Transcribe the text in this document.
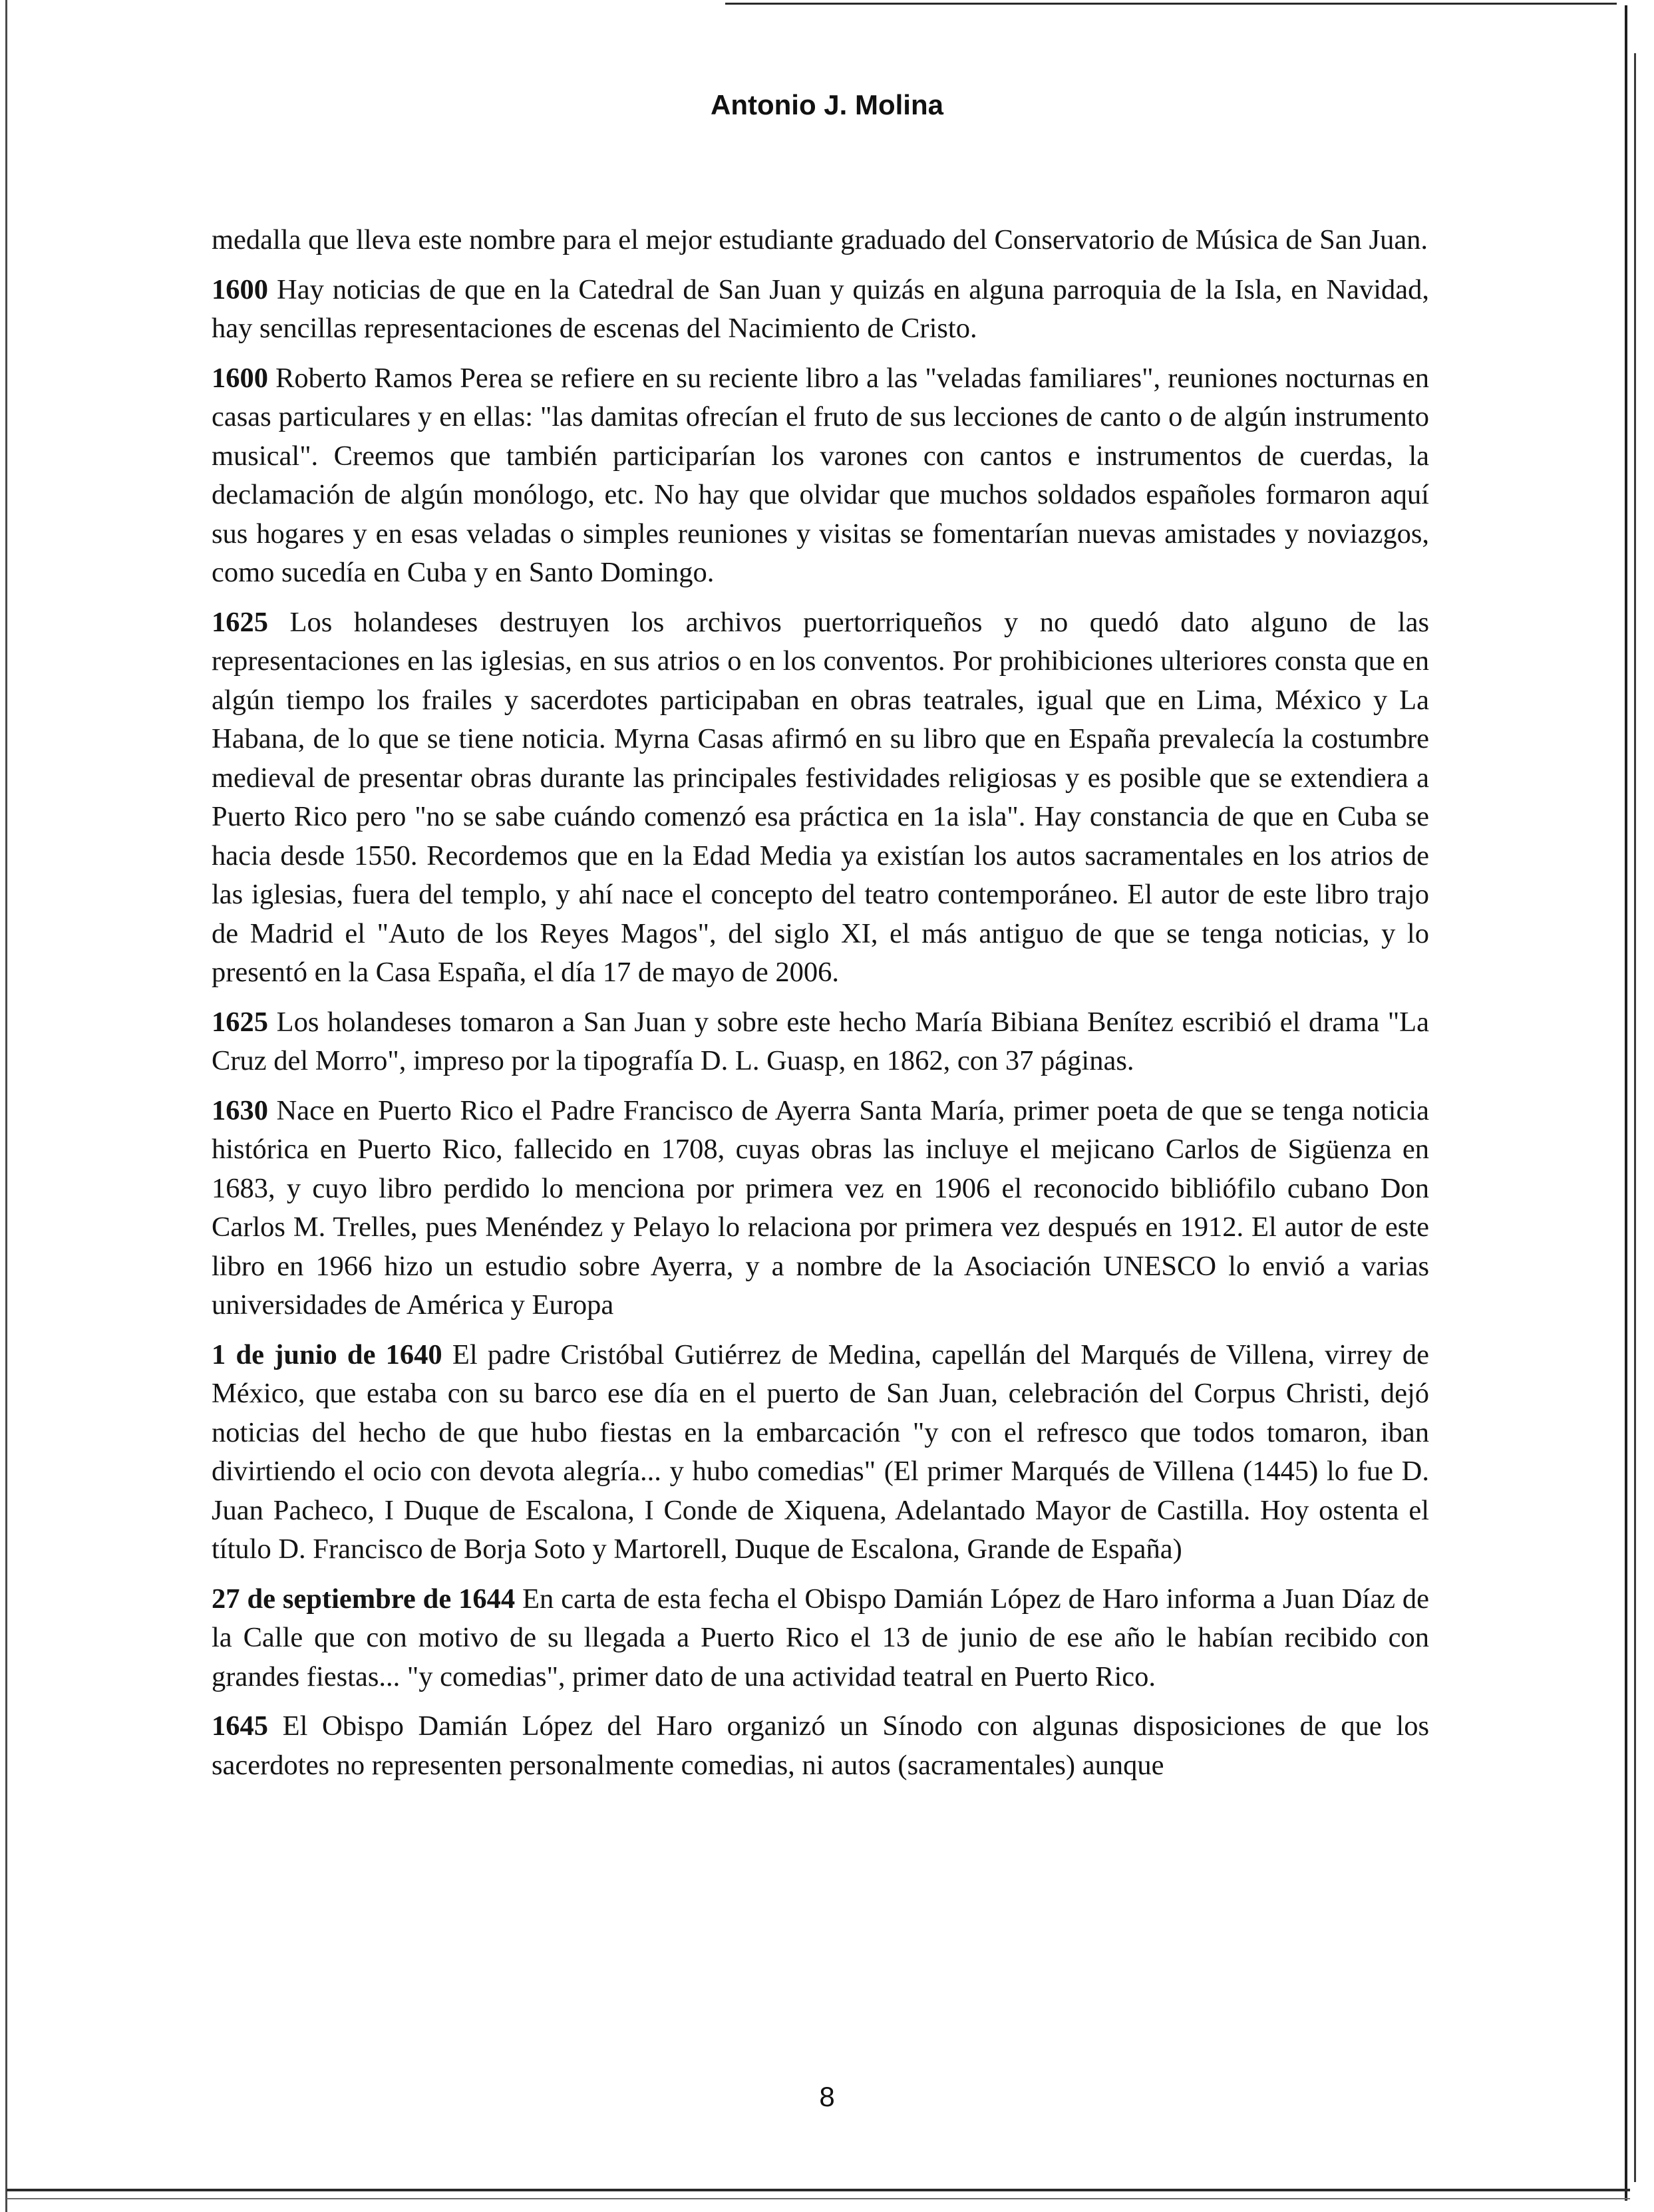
Antonio J. Molina

medalla que lleva este nombre para el mejor estudiante graduado del Conservatorio de Música de San Juan.

1600 Hay noticias de que en la Catedral de San Juan y quizás en alguna parroquia de la Isla, en Navidad, hay sencillas representaciones de escenas del Nacimiento de Cristo.

1600 Roberto Ramos Perea se refiere en su reciente libro a las "veladas familiares", reuniones nocturnas en casas particulares y en ellas: "las damitas ofrecían el fruto de sus lecciones de canto o de algún instrumento musical". Creemos que también participarían los varones con cantos e instrumentos de cuerdas, la declamación de algún monólogo, etc. No hay que olvidar que muchos soldados españoles formaron aquí sus hogares y en esas veladas o simples reuniones y visitas se fomentarían nuevas amistades y noviazgos, como sucedía en Cuba y en Santo Domingo.

1625 Los holandeses destruyen los archivos puertorriqueños y no quedó dato alguno de las representaciones en las iglesias, en sus atrios o en los conventos. Por prohibiciones ulteriores consta que en algún tiempo los frailes y sacerdotes participaban en obras teatrales, igual que en Lima, México y La Habana, de lo que se tiene noticia. Myrna Casas afirmó en su libro que en España prevalecía la costumbre medieval de presentar obras durante las principales festividades religiosas y es posible que se extendiera a Puerto Rico pero "no se sabe cuándo comenzó esa práctica en 1a isla". Hay constancia de que en Cuba se hacia desde 1550. Recordemos que en la Edad Media ya existían los autos sacramentales en los atrios de las iglesias, fuera del templo, y ahí nace el concepto del teatro contemporáneo. El autor de este libro trajo de Madrid el "Auto de los Reyes Magos", del siglo XI, el más antiguo de que se tenga noticias, y lo presentó en la Casa España, el día 17 de mayo de 2006.

1625 Los holandeses tomaron a San Juan y sobre este hecho María Bibiana Benítez escribió el drama "La Cruz del Morro", impreso por la tipografía D. L. Guasp, en 1862, con 37 páginas.

1630 Nace en Puerto Rico el Padre Francisco de Ayerra Santa María, primer poeta de que se tenga noticia histórica en Puerto Rico, fallecido en 1708, cuyas obras las incluye el mejicano Carlos de Sigüenza en 1683, y cuyo libro perdido lo menciona por primera vez en 1906 el reconocido bibliófilo cubano Don Carlos M. Trelles, pues Menéndez y Pelayo lo relaciona por primera vez después en 1912. El autor de este libro en 1966 hizo un estudio sobre Ayerra, y a nombre de la Asociación UNESCO lo envió a varias universidades de América y Europa

1 de junio de 1640 El padre Cristóbal Gutiérrez de Medina, capellán del Marqués de Villena, virrey de México, que estaba con su barco ese día en el puerto de San Juan, celebración del Corpus Christi, dejó noticias del hecho de que hubo fiestas en la embarcación "y con el refresco que todos tomaron, iban divirtiendo el ocio con devota alegría... y hubo comedias" (El primer Marqués de Villena (1445) lo fue D. Juan Pacheco, I Duque de Escalona, I Conde de Xiquena, Adelantado Mayor de Castilla. Hoy ostenta el título D. Francisco de Borja Soto y Martorell, Duque de Escalona, Grande de España)

27 de septiembre de 1644 En carta de esta fecha el Obispo Damián López de Haro informa a Juan Díaz de la Calle que con motivo de su llegada a Puerto Rico el 13 de junio de ese año le habían recibido con grandes fiestas... "y comedias", primer dato de una actividad teatral en Puerto Rico.

1645 El Obispo Damián López del Haro organizó un Sínodo con algunas disposiciones de que los sacerdotes no representen personalmente comedias, ni autos (sacramentales) aunque

8
